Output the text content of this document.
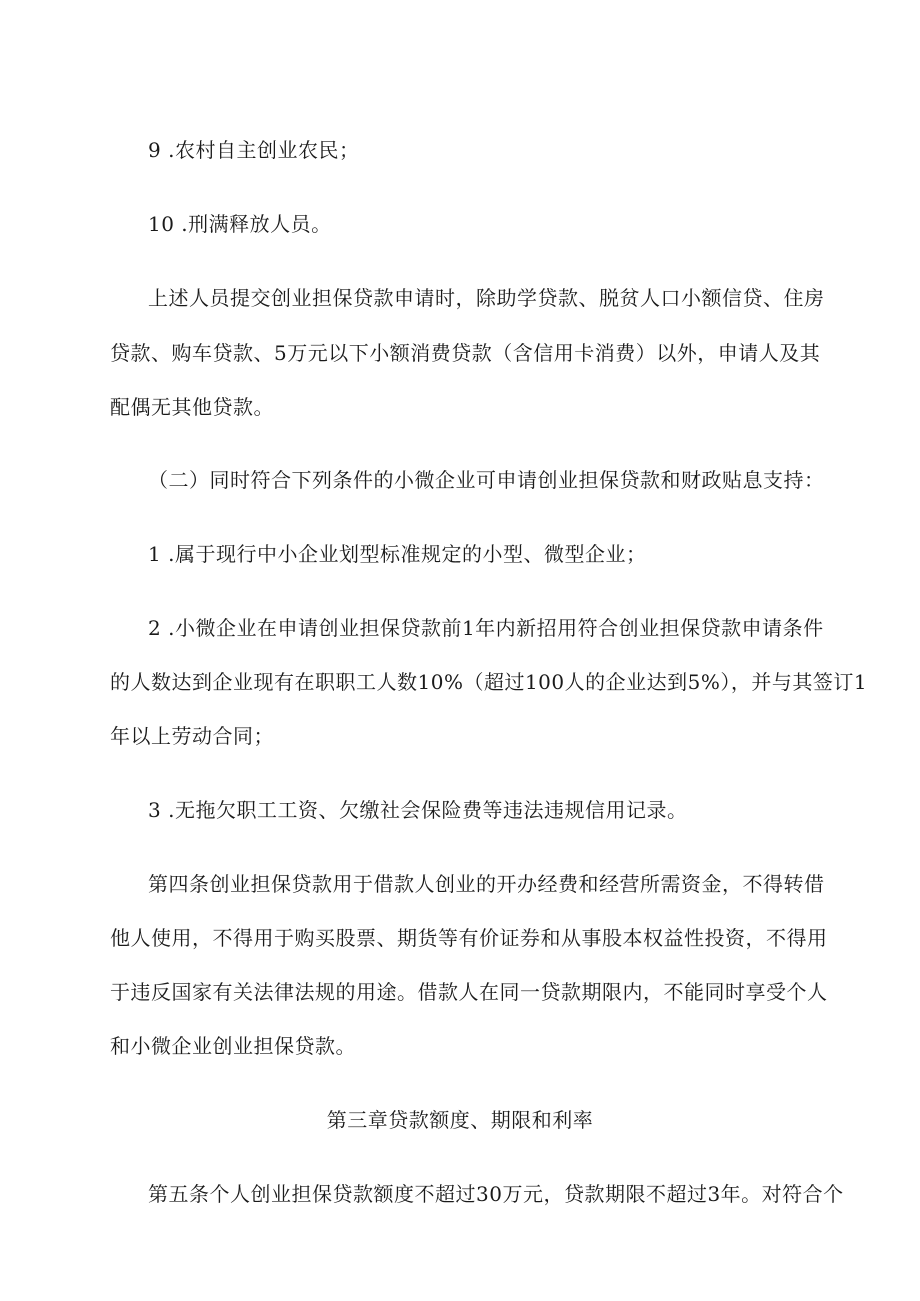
9 .农村自主创业农民；
10 .刑满释放人员。
上述人员提交创业担保贷款申请时，除助学贷款、脱贫人口小额信贷、住房
贷款、购车贷款、5万元以下小额消费贷款（含信用卡消费）以外，申请人及其
配偶无其他贷款。
（二）同时符合下列条件的小微企业可申请创业担保贷款和财政贴息支持：
1 .属于现行中小企业划型标准规定的小型、微型企业；
2 .小微企业在申请创业担保贷款前1年内新招用符合创业担保贷款申请条件
的人数达到企业现有在职职工人数10%（超过100人的企业达到5%），并与其签订1
年以上劳动合同；
3 .无拖欠职工工资、欠缴社会保险费等违法违规信用记录。
第四条创业担保贷款用于借款人创业的开办经费和经营所需资金，不得转借
他人使用，不得用于购买股票、期货等有价证券和从事股本权益性投资，不得用
于违反国家有关法律法规的用途。借款人在同一贷款期限内，不能同时享受个人
和小微企业创业担保贷款。
第三章贷款额度、期限和利率
第五条个人创业担保贷款额度不超过30万元，贷款期限不超过3年。对符合个
